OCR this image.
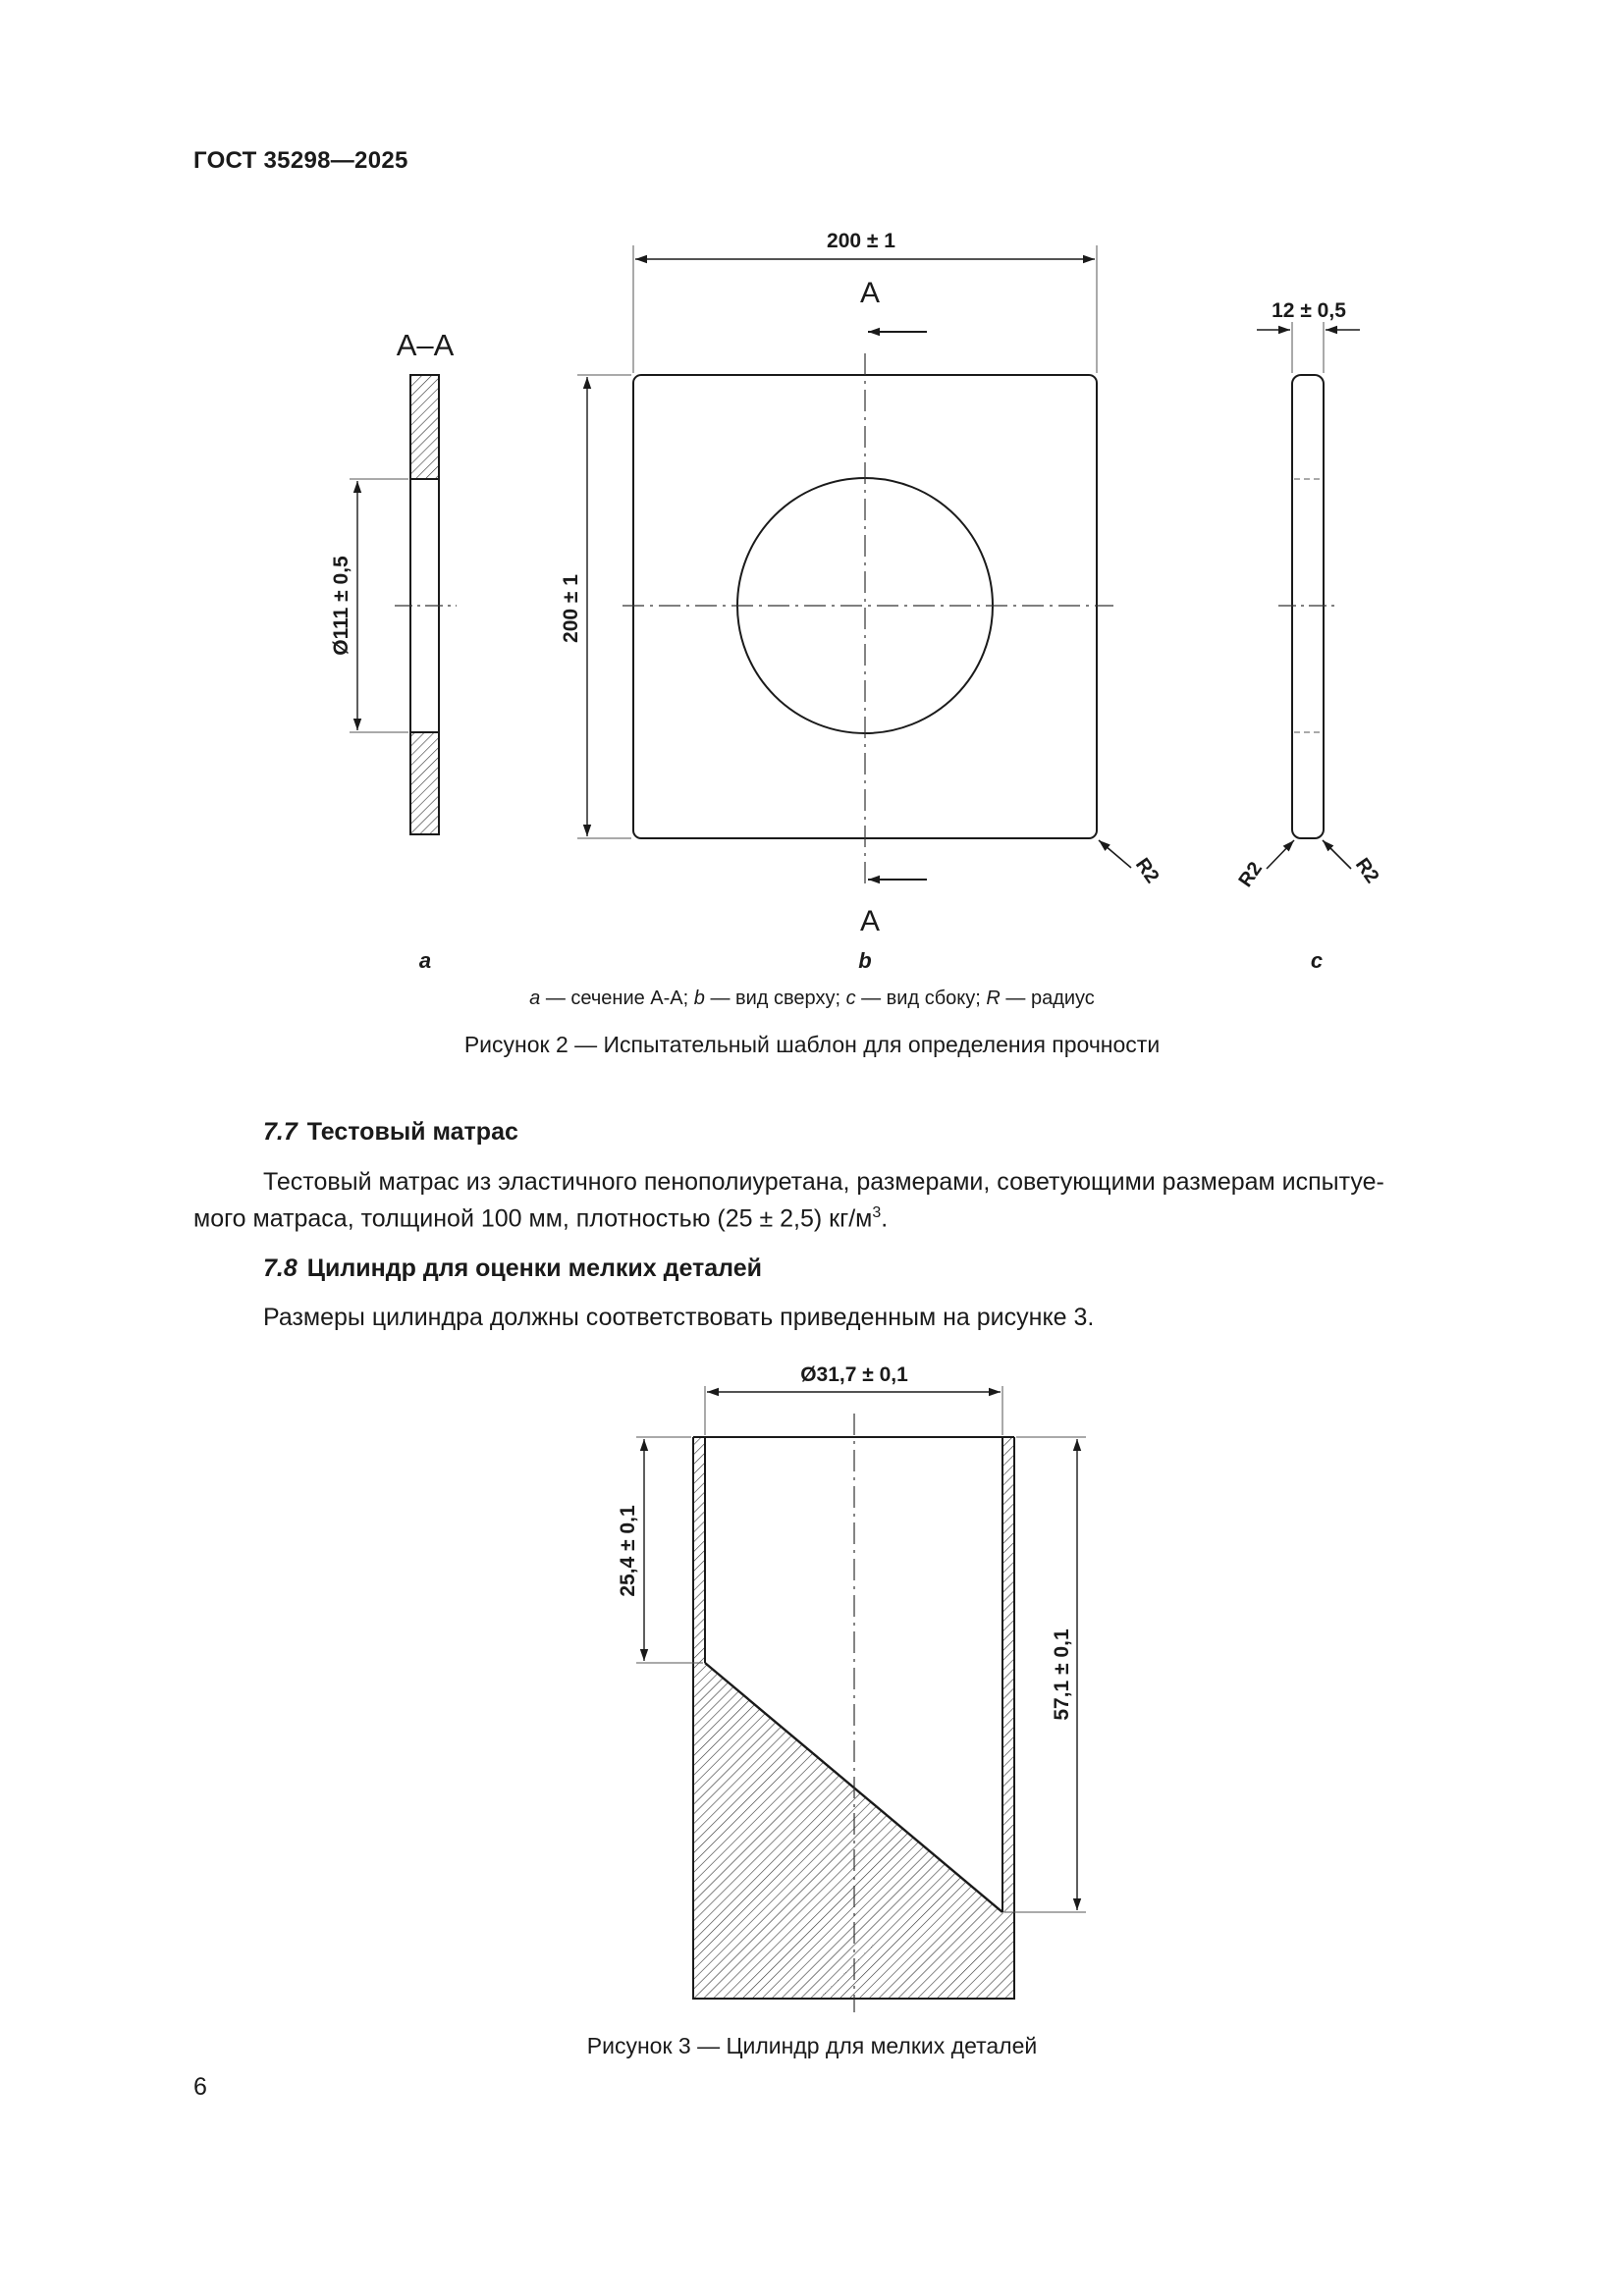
ГОСТ 35298—2025
А–А
Ø111 ± 0,5
a
200 ± 1
А
А
200 ± 1
R2
b
12 ± 0,5
R2	R2
c
Ø31,7 ± 0,1
25,4 ± 0,1
57,1 ± 0,1
а — сечение А-А; b — вид сверху; с — вид сбоку; R — радиус
Рисунок 2 — Испытательный шаблон для определения прочности
7.7 Тестовый матрас
Тестовый матрас из эластичного пенополиуретана, размерами, советующими размерам испытуе-
мого матраса, толщиной 100 мм, плотностью (25 ± 2,5) $кг/м^3$.
7.8 Цилиндр для оценки мелких деталей
Размеры цилиндра должны соответствовать приведенным на рисунке 3.
Рисунок 3 — Цилиндр для мелких деталей
6
